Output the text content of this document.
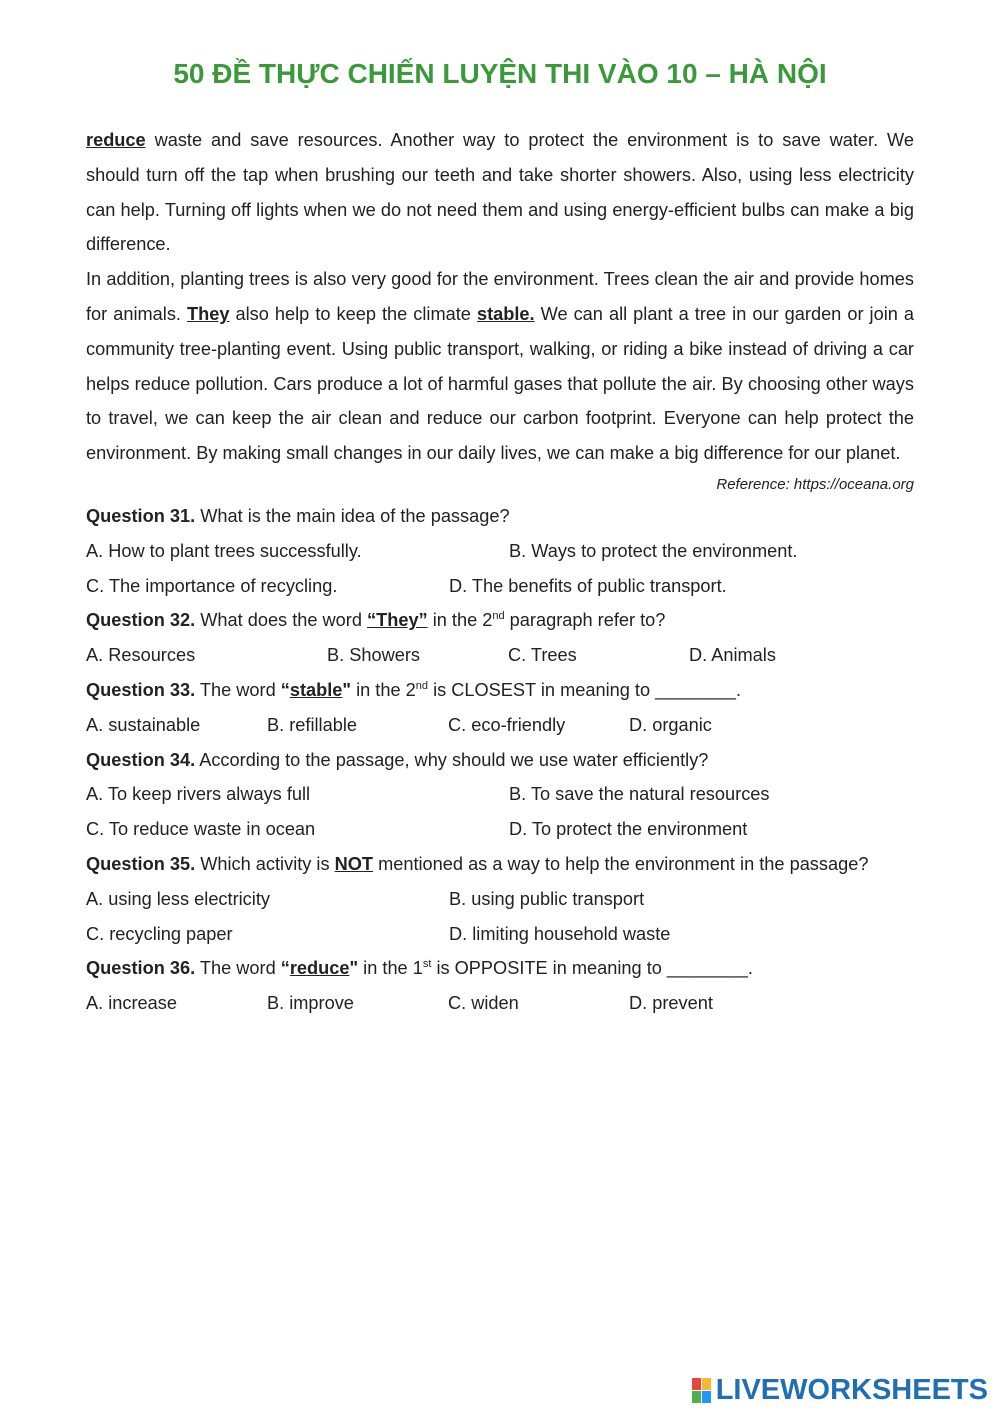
50 ĐỀ THỰC CHIẾN LUYỆN THI VÀO 10 – HÀ NỘI

reduce waste and save resources. Another way to protect the environment is to save water. We should turn off the tap when brushing our teeth and take shorter showers. Also, using less electricity can help. Turning off lights when we do not need them and using energy-efficient bulbs can make a big difference.

In addition, planting trees is also very good for the environment. Trees clean the air and provide homes for animals. They also help to keep the climate stable. We can all plant a tree in our garden or join a community tree-planting event. Using public transport, walking, or riding a bike instead of driving a car helps reduce pollution. Cars produce a lot of harmful gases that pollute the air. By choosing other ways to travel, we can keep the air clean and reduce our carbon footprint. Everyone can help protect the environment. By making small changes in our daily lives, we can make a big difference for our planet.

Reference: https://oceana.org

Question 31. What is the main idea of the passage?

A. How to plant trees successfully.	B. Ways to protect the environment.
C. The importance of recycling.	D. The benefits of public transport.

Question 32. What does the word “They” in the 2nd paragraph refer to?

A. Resources	B. Showers	C. Trees	D. Animals

Question 33. The word “stable" in the 2nd is CLOSEST in meaning to ________.

A. sustainable	B. refillable	C. eco-friendly	D. organic

Question 34. According to the passage, why should we use water efficiently?

A. To keep rivers always full	B. To save the natural resources
C. To reduce waste in ocean	D. To protect the environment

Question 35. Which activity is NOT mentioned as a way to help the environment in the passage?

A. using less electricity	B. using public transport
C. recycling paper	D. limiting household waste

Question 36. The word “reduce" in the 1st is OPPOSITE in meaning to ________.

A. increase	B. improve	C. widen	D. prevent
LIVEWORKSHEETS
